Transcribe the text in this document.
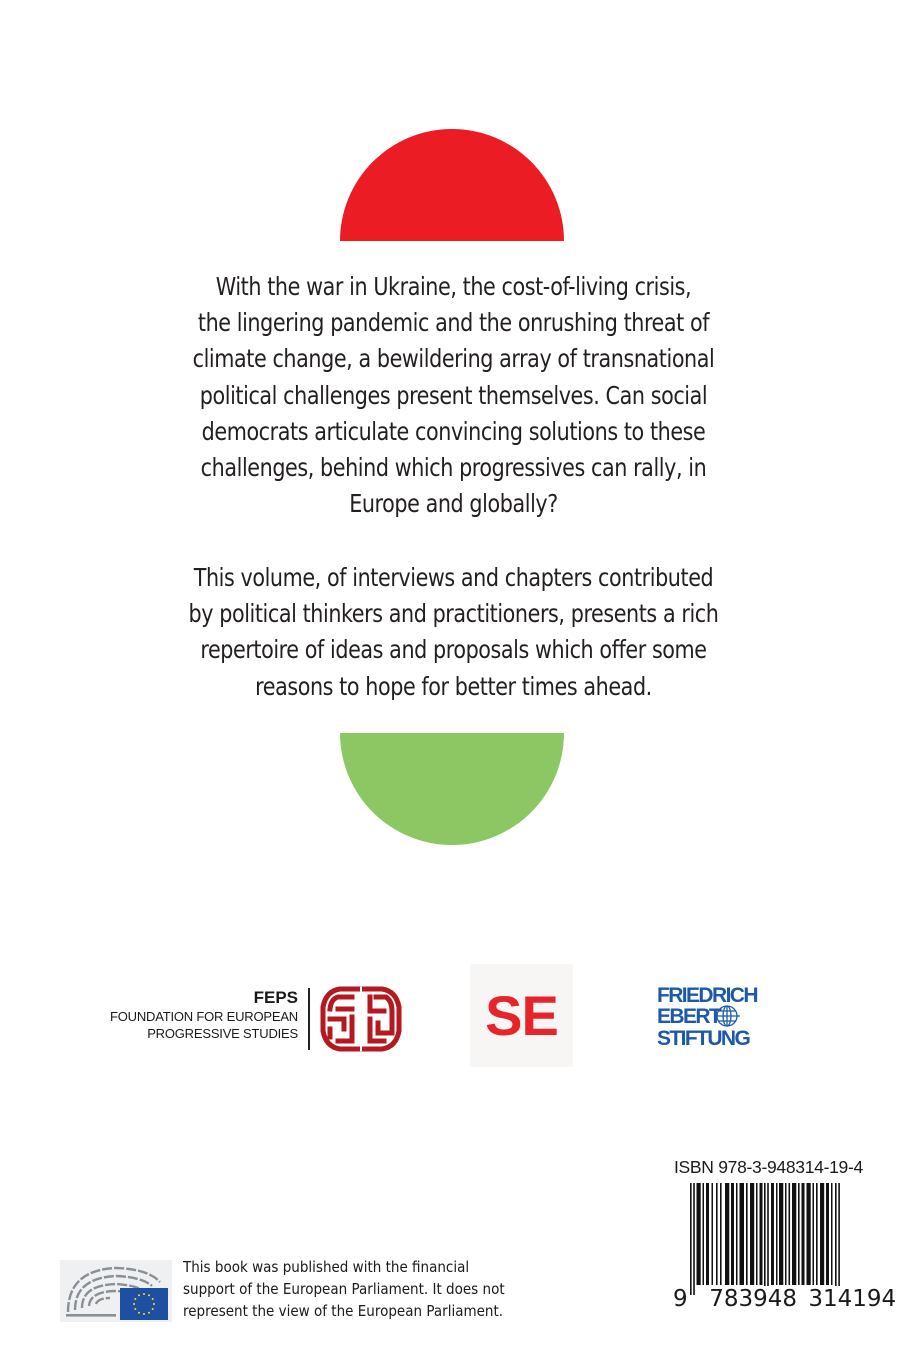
With the war in Ukraine, the cost-of-living crisis,

the lingering pandemic and the onrushing threat of

climate change, a bewildering array of transnational

political challenges present themselves. Can social

democrats articulate convincing solutions to these

challenges, behind which progressives can rally, in

Europe and globally?

This volume, of interviews and chapters contributed

by political thinkers and practitioners, presents a rich

repertoire of ideas and proposals which offer some

reasons to hope for better times ahead.

FEPS
FOUNDATION FOR EUROPEAN
PROGRESSIVE STUDIES	SE	FRIEDRICH
EBERT
STIFTUNG
ISBN 978-3-948314-19-4
9 783948 314194

This book was published with the financial

support of the European Parliament. It does not

represent the view of the European Parliament.
